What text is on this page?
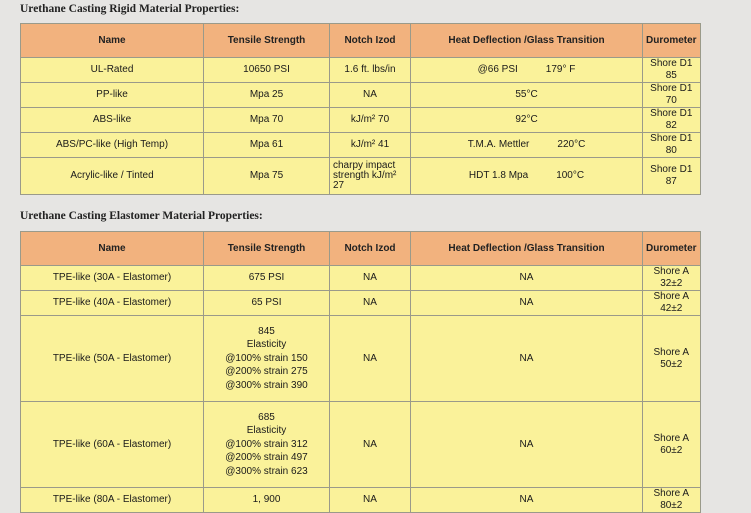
Urethane Casting Rigid Material Properties:
Name	Tensile Strength	Notch Izod	Heat Deflection /Glass Transition	Durometer
UL-Rated	10650 PSI	1.6 ft. lbs/in	@66 PSI 179° F	Shore D1 85
PP-like	Mpa 25	NA	55°C	Shore D1 70
ABS-like	Mpa 70	kJ/m² 70	92°C	Shore D1 82
ABS/PC-like (High Temp)	Mpa 61	kJ/m² 41	T.M.A. Mettler 220°C	Shore D1 80
Acrylic-like / Tinted	Mpa 75	charpy impact strength kJ/m² 27	HDT 1.8 Mpa 100°C	Shore D1 87
Urethane Casting Elastomer Material Properties:
Name	Tensile Strength	Notch Izod	Heat Deflection /Glass Transition	Durometer
TPE-like (30A - Elastomer)	675 PSI	NA	NA	Shore A 32±2
TPE-like (40A - Elastomer)	65 PSI	NA	NA	Shore A 42±2
TPE-like (50A - Elastomer)	845
Elasticity
@100% strain 150
@200% strain 275
@300% strain 390	NA	NA	Shore A 50±2
TPE-like (60A - Elastomer)	685
Elasticity
@100% strain 312
@200% strain 497
@300% strain 623	NA	NA	Shore A 60±2
TPE-like (80A - Elastomer)	1, 900	NA	NA	Shore A 80±2
